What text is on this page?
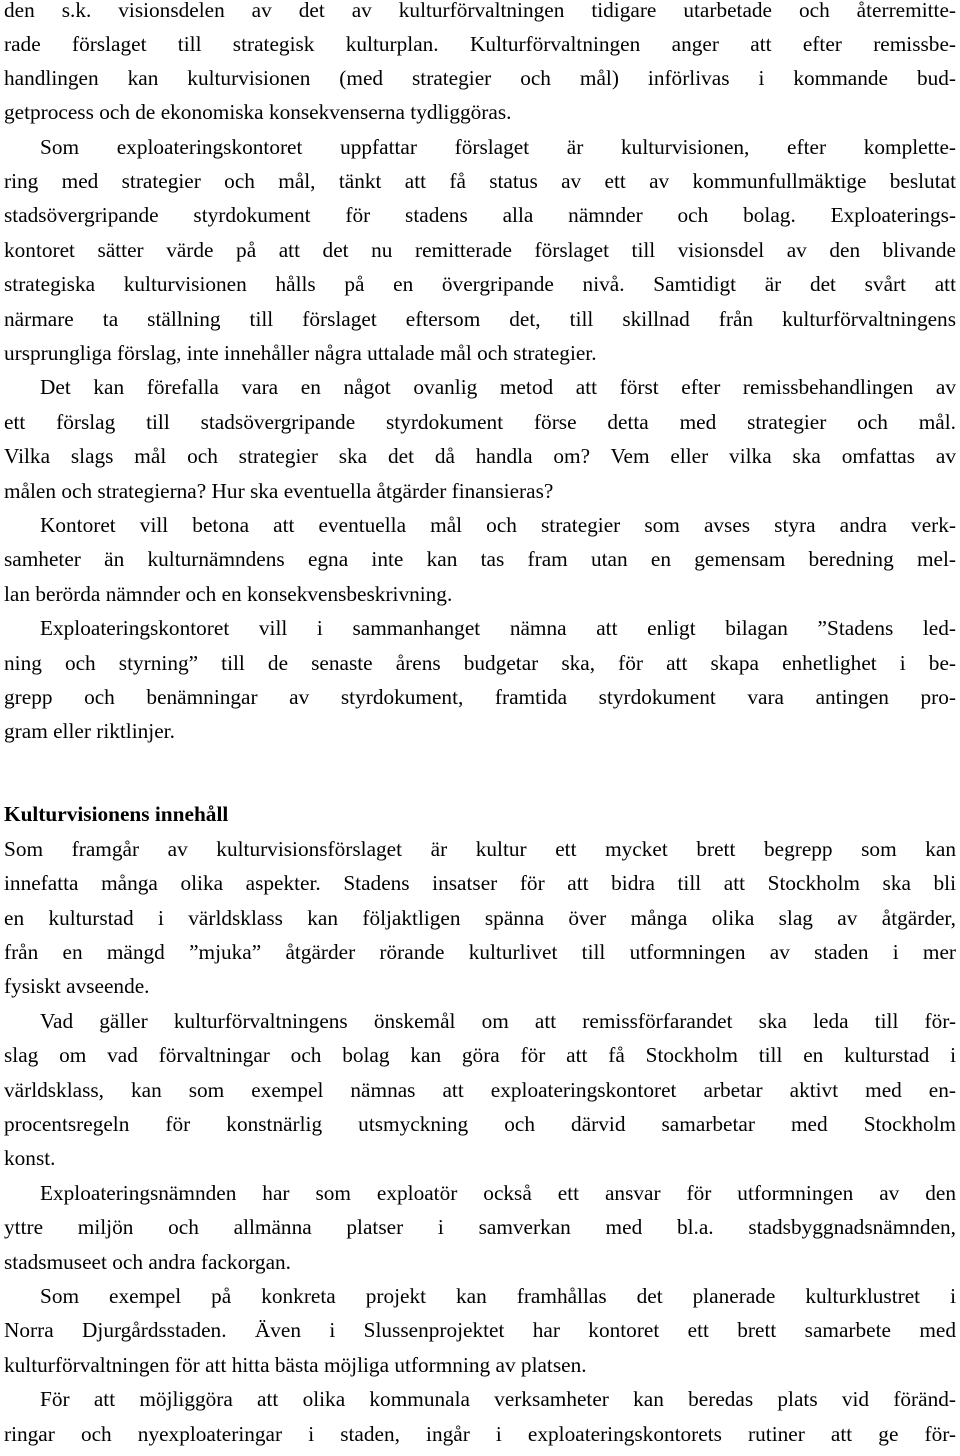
den s.k. visionsdelen av det av kulturförvaltningen tidigare utarbetade och återremitte-

rade förslaget till strategisk kulturplan. Kulturförvaltningen anger att efter remissbe-

handlingen kan kulturvisionen (med strategier och mål) införlivas i kommande bud-

getprocess och de ekonomiska konsekvenserna tydliggöras.

Som exploateringskontoret uppfattar förslaget är kulturvisionen, efter komplette-

ring med strategier och mål, tänkt att få status av ett av kommunfullmäktige beslutat

stadsövergripande styrdokument för stadens alla nämnder och bolag. Exploaterings-

kontoret sätter värde på att det nu remitterade förslaget till visionsdel av den blivande

strategiska kulturvisionen hålls på en övergripande nivå. Samtidigt är det svårt att

närmare ta ställning till förslaget eftersom det, till skillnad från kulturförvaltningens

ursprungliga förslag, inte innehåller några uttalade mål och strategier.

Det kan förefalla vara en något ovanlig metod att först efter remissbehandlingen av

ett förslag till stadsövergripande styrdokument förse detta med strategier och mål.

Vilka slags mål och strategier ska det då handla om? Vem eller vilka ska omfattas av

målen och strategierna? Hur ska eventuella åtgärder finansieras?

Kontoret vill betona att eventuella mål och strategier som avses styra andra verk-

samheter än kulturnämndens egna inte kan tas fram utan en gemensam beredning mel-

lan berörda nämnder och en konsekvensbeskrivning.

Exploateringskontoret vill i sammanhanget nämna att enligt bilagan ”Stadens led-

ning och styrning” till de senaste årens budgetar ska, för att skapa enhetlighet i be-

grepp och benämningar av styrdokument, framtida styrdokument vara antingen pro-

gram eller riktlinjer.

Kulturvisionens innehåll

Som framgår av kulturvisionsförslaget är kultur ett mycket brett begrepp som kan

innefatta många olika aspekter. Stadens insatser för att bidra till att Stockholm ska bli

en kulturstad i världsklass kan följaktligen spänna över många olika slag av åtgärder,

från en mängd ”mjuka” åtgärder rörande kulturlivet till utformningen av staden i mer

fysiskt avseende.

Vad gäller kulturförvaltningens önskemål om att remissförfarandet ska leda till för-

slag om vad förvaltningar och bolag kan göra för att få Stockholm till en kulturstad i

världsklass, kan som exempel nämnas att exploateringskontoret arbetar aktivt med en-

procentsregeln för konstnärlig utsmyckning och därvid samarbetar med Stockholm

konst.

Exploateringsnämnden har som exploatör också ett ansvar för utformningen av den

yttre miljön och allmänna platser i samverkan med bl.a. stadsbyggnadsnämnden,

stadsmuseet och andra fackorgan.

Som exempel på konkreta projekt kan framhållas det planerade kulturklustret i

Norra Djurgårdsstaden. Även i Slussenprojektet har kontoret ett brett samarbete med

kulturförvaltningen för att hitta bästa möjliga utformning av platsen.

För att möjliggöra att olika kommunala verksamheter kan beredas plats vid föränd-

ringar och nyexploateringar i staden, ingår i exploateringskontorets rutiner att ge för-
